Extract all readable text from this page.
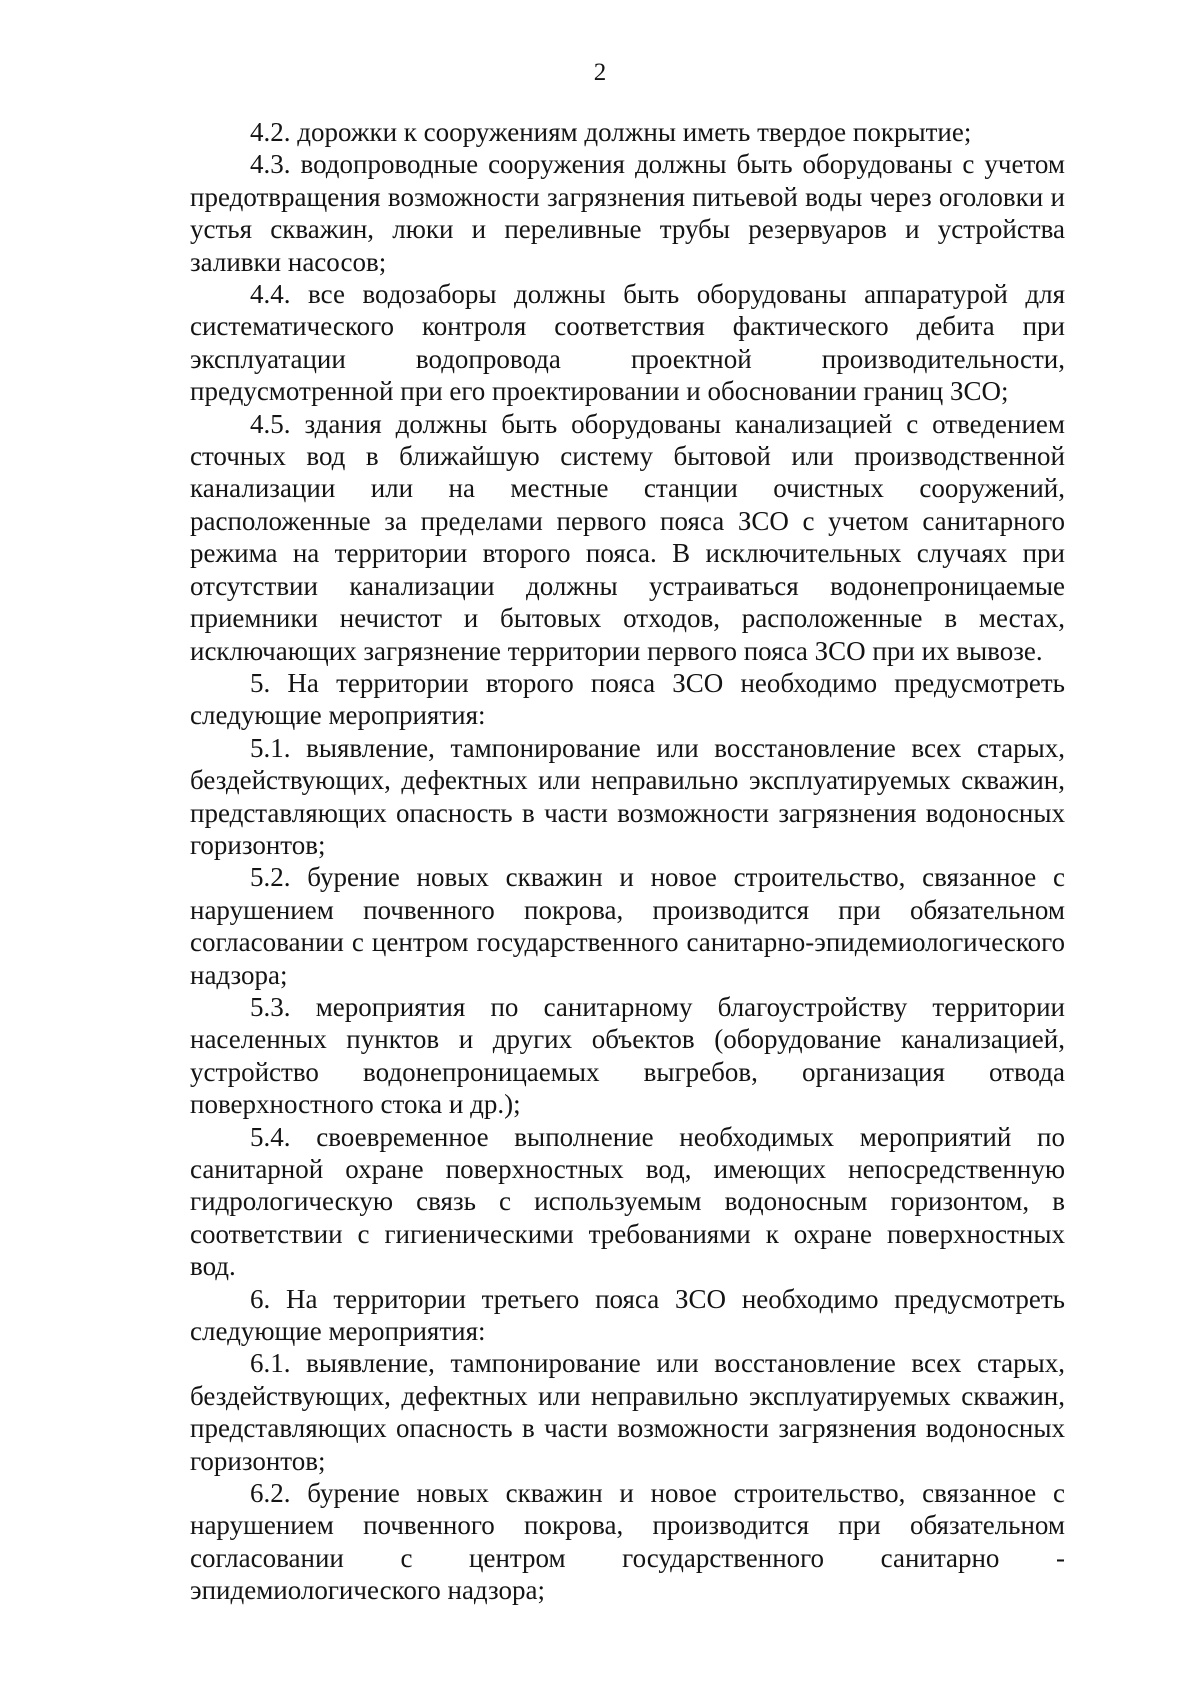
2

4.2. дорожки к сооружениям должны иметь твердое покрытие;

4.3. водопроводные сооружения должны быть оборудованы с учетом предотвращения возможности загрязнения питьевой воды через оголовки и устья скважин, люки и переливные трубы резервуаров и устройства заливки насосов;

4.4. все водозаборы должны быть оборудованы аппаратурой для систематического контроля соответствия фактического дебита при эксплуатации водопровода проектной производительности, предусмотренной при его проектировании и обосновании границ ЗСО;

4.5. здания должны быть оборудованы канализацией с отведением сточных вод в ближайшую систему бытовой или производственной канализации или на местные станции очистных сооружений, расположенные за пределами первого пояса ЗСО с учетом санитарного режима на территории второго пояса. В исключительных случаях при отсутствии канализации должны устраиваться водонепроницаемые приемники нечистот и бытовых отходов, расположенные в местах, исключающих загрязнение территории первого пояса ЗСО при их вывозе.

5. На территории второго пояса ЗСО необходимо предусмотреть следующие мероприятия:

5.1. выявление, тампонирование или восстановление всех старых, бездействующих, дефектных или неправильно эксплуатируемых скважин, представляющих опасность в части возможности загрязнения водоносных горизонтов;

5.2. бурение новых скважин и новое строительство, связанное с нарушением почвенного покрова, производится при обязательном согласовании с центром государственного санитарно-эпидемиологического надзора;

5.3. мероприятия по санитарному благоустройству территории населенных пунктов и других объектов (оборудование канализацией, устройство водонепроницаемых выгребов, организация отвода поверхностного стока и др.);

5.4. своевременное выполнение необходимых мероприятий по санитарной охране поверхностных вод, имеющих непосредственную гидрологическую связь с используемым водоносным горизонтом, в соответствии с гигиеническими требованиями к охране поверхностных вод.

6. На территории третьего пояса ЗСО необходимо предусмотреть следующие мероприятия:

6.1. выявление, тампонирование или восстановление всех старых, бездействующих, дефектных или неправильно эксплуатируемых скважин, представляющих опасность в части возможности загрязнения водоносных горизонтов;

6.2. бурение новых скважин и новое строительство, связанное с нарушением почвенного покрова, производится при обязательном согласовании с центром государственного санитарно - эпидемиологического надзора;
